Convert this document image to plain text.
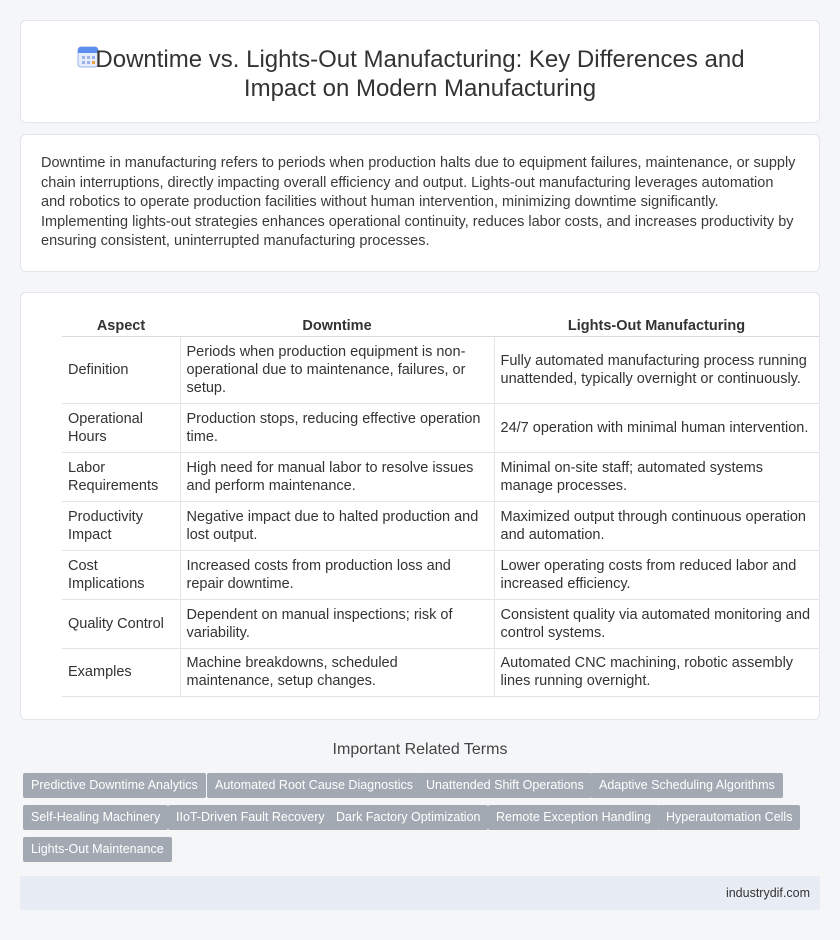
Downtime vs. Lights-Out Manufacturing: Key Differences and Impact on Modern Manufacturing

Downtime in manufacturing refers to periods when production halts due to equipment failures, maintenance, or supply chain interruptions, directly impacting overall efficiency and output. Lights-out manufacturing leverages automation and robotics to operate production facilities without human intervention, minimizing downtime significantly. Implementing lights-out strategies enhances operational continuity, reduces labor costs, and increases productivity by ensuring consistent, uninterrupted manufacturing processes.

Aspect	Downtime	Lights-Out Manufacturing
Definition	Periods when production equipment is non-operational due to maintenance, failures, or setup.	Fully automated manufacturing process running unattended, typically overnight or continuously.
Operational Hours	Production stops, reducing effective operation time.	24/7 operation with minimal human intervention.
Labor Requirements	High need for manual labor to resolve issues and perform maintenance.	Minimal on-site staff; automated systems manage processes.
Productivity Impact	Negative impact due to halted production and lost output.	Maximized output through continuous operation and automation.
Cost Implications	Increased costs from production loss and repair downtime.	Lower operating costs from reduced labor and increased efficiency.
Quality Control	Dependent on manual inspections; risk of variability.	Consistent quality via automated monitoring and control systems.
Examples	Machine breakdowns, scheduled maintenance, setup changes.	Automated CNC machining, robotic assembly lines running overnight.
Important Related Terms
Predictive Downtime Analytics	Automated Root Cause Diagnostics	Unattended Shift Operations	Adaptive Scheduling Algorithms
Self-Healing Machinery	IIoT-Driven Fault Recovery Dark Factory Optimization	Remote Exception Handling	Hyperautomation Cells
Lights-Out Maintenance
industrydif.com
